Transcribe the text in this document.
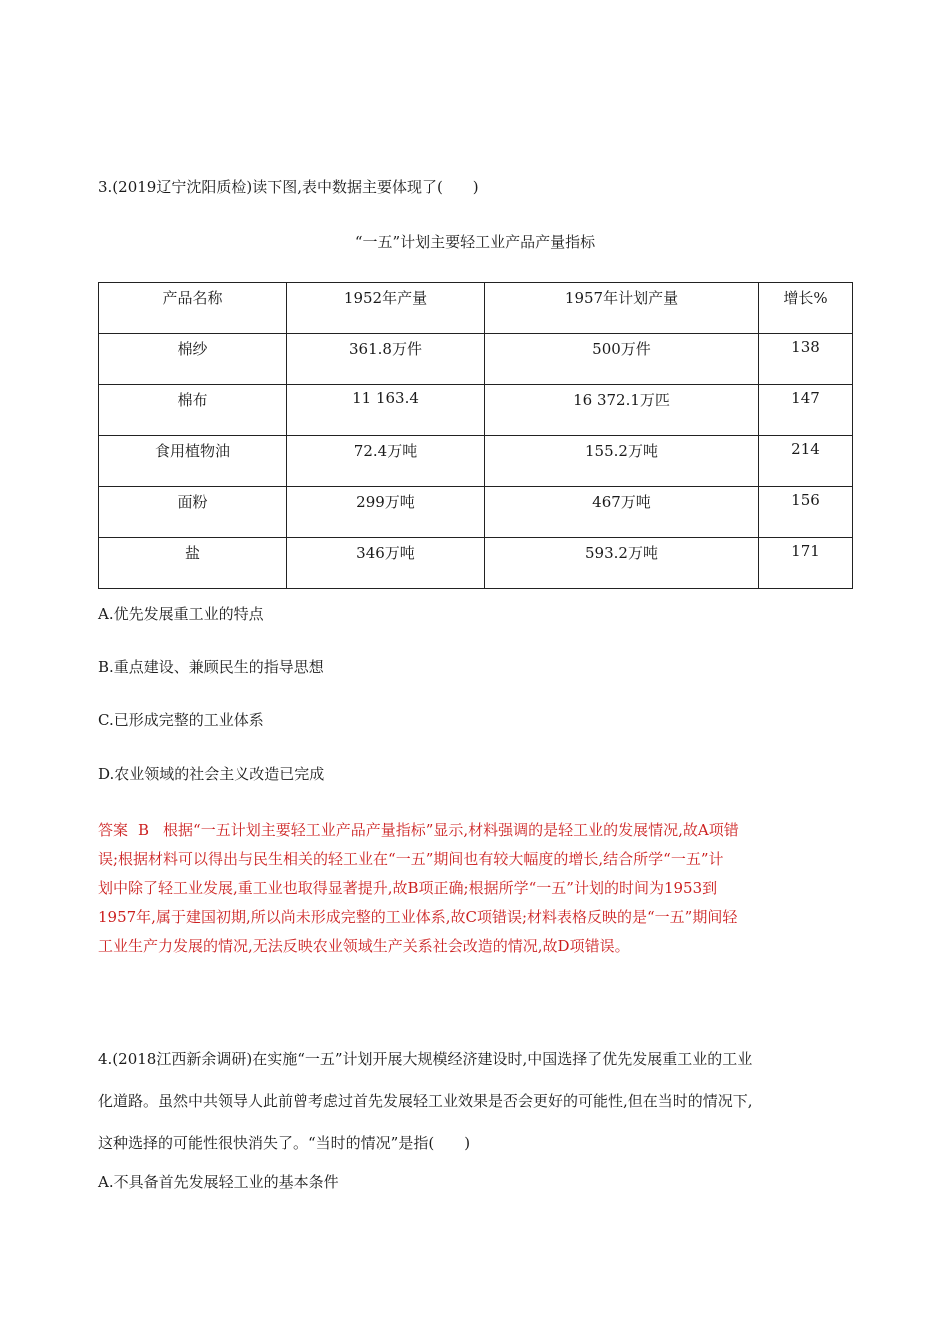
3.(2019辽宁沈阳质检)读下图,表中数据主要体现了(　　)
“一五”计划主要轻工业产品产量指标
产品名称	1952年产量	1957年计划产量	增长%
棉纱	361.8万件	500万件	138
棉布	11 163.4	16 372.1万匹	147
食用植物油	72.4万吨	155.2万吨	214
面粉	299万吨	467万吨	156
盐	346万吨	593.2万吨	171
A.优先发展重工业的特点
B.重点建设、兼顾民生的指导思想
C.已形成完整的工业体系
D.农业领域的社会主义改造已完成

答案 B 根据“一五计划主要轻工业产品产量指标”显示,材料强调的是轻工业的发展情况,故A项错

误;根据材料可以得出与民生相关的轻工业在“一五”期间也有较大幅度的增长,结合所学“一五”计

划中除了轻工业发展,重工业也取得显著提升,故B项正确;根据所学“一五”计划的时间为1953到

1957年,属于建国初期,所以尚未形成完整的工业体系,故C项错误;材料表格反映的是“一五”期间轻

工业生产力发展的情况,无法反映农业领域生产关系社会改造的情况,故D项错误。

4.(2018江西新余调研)在实施“一五”计划开展大规模经济建设时,中国选择了优先发展重工业的工业

化道路。虽然中共领导人此前曾考虑过首先发展轻工业效果是否会更好的可能性,但在当时的情况下,

这种选择的可能性很快消失了。“当时的情况”是指(　　)

A.不具备首先发展轻工业的基本条件
